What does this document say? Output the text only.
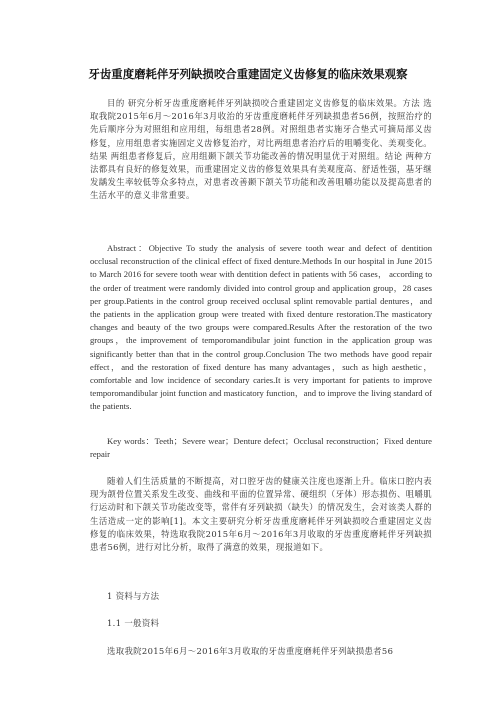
牙齿重度磨耗伴牙列缺损咬合重建固定义齿修复的临床效果观察
目的 研究分析牙齿重度磨耗伴牙列缺损咬合重建固定义齿修复的临床效果。方法 选取我院2015年6月～2016年3月收治的牙齿重度磨耗伴牙列缺损患者56例，按照治疗的先后顺序分为对照组和应用组，每组患者28例。对照组患者实施牙合垫式可摘局部义齿修复，应用组患者实施固定义齿修复治疗，对比两组患者治疗后的咀嚼变化、美观变化。结果 两组患者修复后，应用组颞下颌关节功能改善的情况明显优于对照组。结论 两种方法都具有良好的修复效果，而重建固定义齿的修复效果具有美观度高、舒适性强，基牙继发龋发生率较低等众多特点，对患者改善颞下颌关节功能和改善咀嚼功能以及提高患者的生活水平的意义非常重要。
Abstract：Objective To study the analysis of severe tooth wear and defect of dentition occlusal reconstruction of the clinical effect of fixed denture.Methods In our hospital in June 2015 to March 2016 for severe tooth wear with dentition defect in patients with 56 cases， according to the order of treatment were randomly divided into control group and application group，28 cases per group.Patients in the control group received occlusal splint removable partial dentures，and the patients in the application group were treated with fixed denture restoration.The masticatory changes and beauty of the two groups were compared.Results After the restoration of the two groups，the improvement of temporomandibular joint function in the application group was significantly better than that in the control group.Conclusion The two methods have good repair effect，and the restoration of fixed denture has many advantages，such as high aesthetic，comfortable and low incidence of secondary caries.It is very important for patients to improve temporomandibular joint function and masticatory function，and to improve the living standard of the patients.
Key words：Teeth；Severe wear；Denture defect；Occlusal reconstruction；Fixed denture repair
随着人们生活质量的不断提高，对口腔牙齿的健康关注度也逐渐上升。临床口腔内表现为颌骨位置关系发生改变、曲线和平面的位置异常、硬组织（牙体）形态损伤、咀嚼肌行运动时和下颌关节功能改变等，常伴有牙列缺损（缺失）的情况发生，会对该类人群的生活造成一定的影响[1]。本文主要研究分析牙齿重度磨耗伴牙列缺损咬合重建固定义齿修复的临床效果，特选取我院2015年6月～2016年3月收取的牙齿重度磨耗伴牙列缺损患者56例，进行对比分析，取得了满意的效果，现报道如下。
1 资料与方法
1.1 一般资料
选取我院2015年6月～2016年3月收取的牙齿重度磨耗伴牙列缺损患者56
